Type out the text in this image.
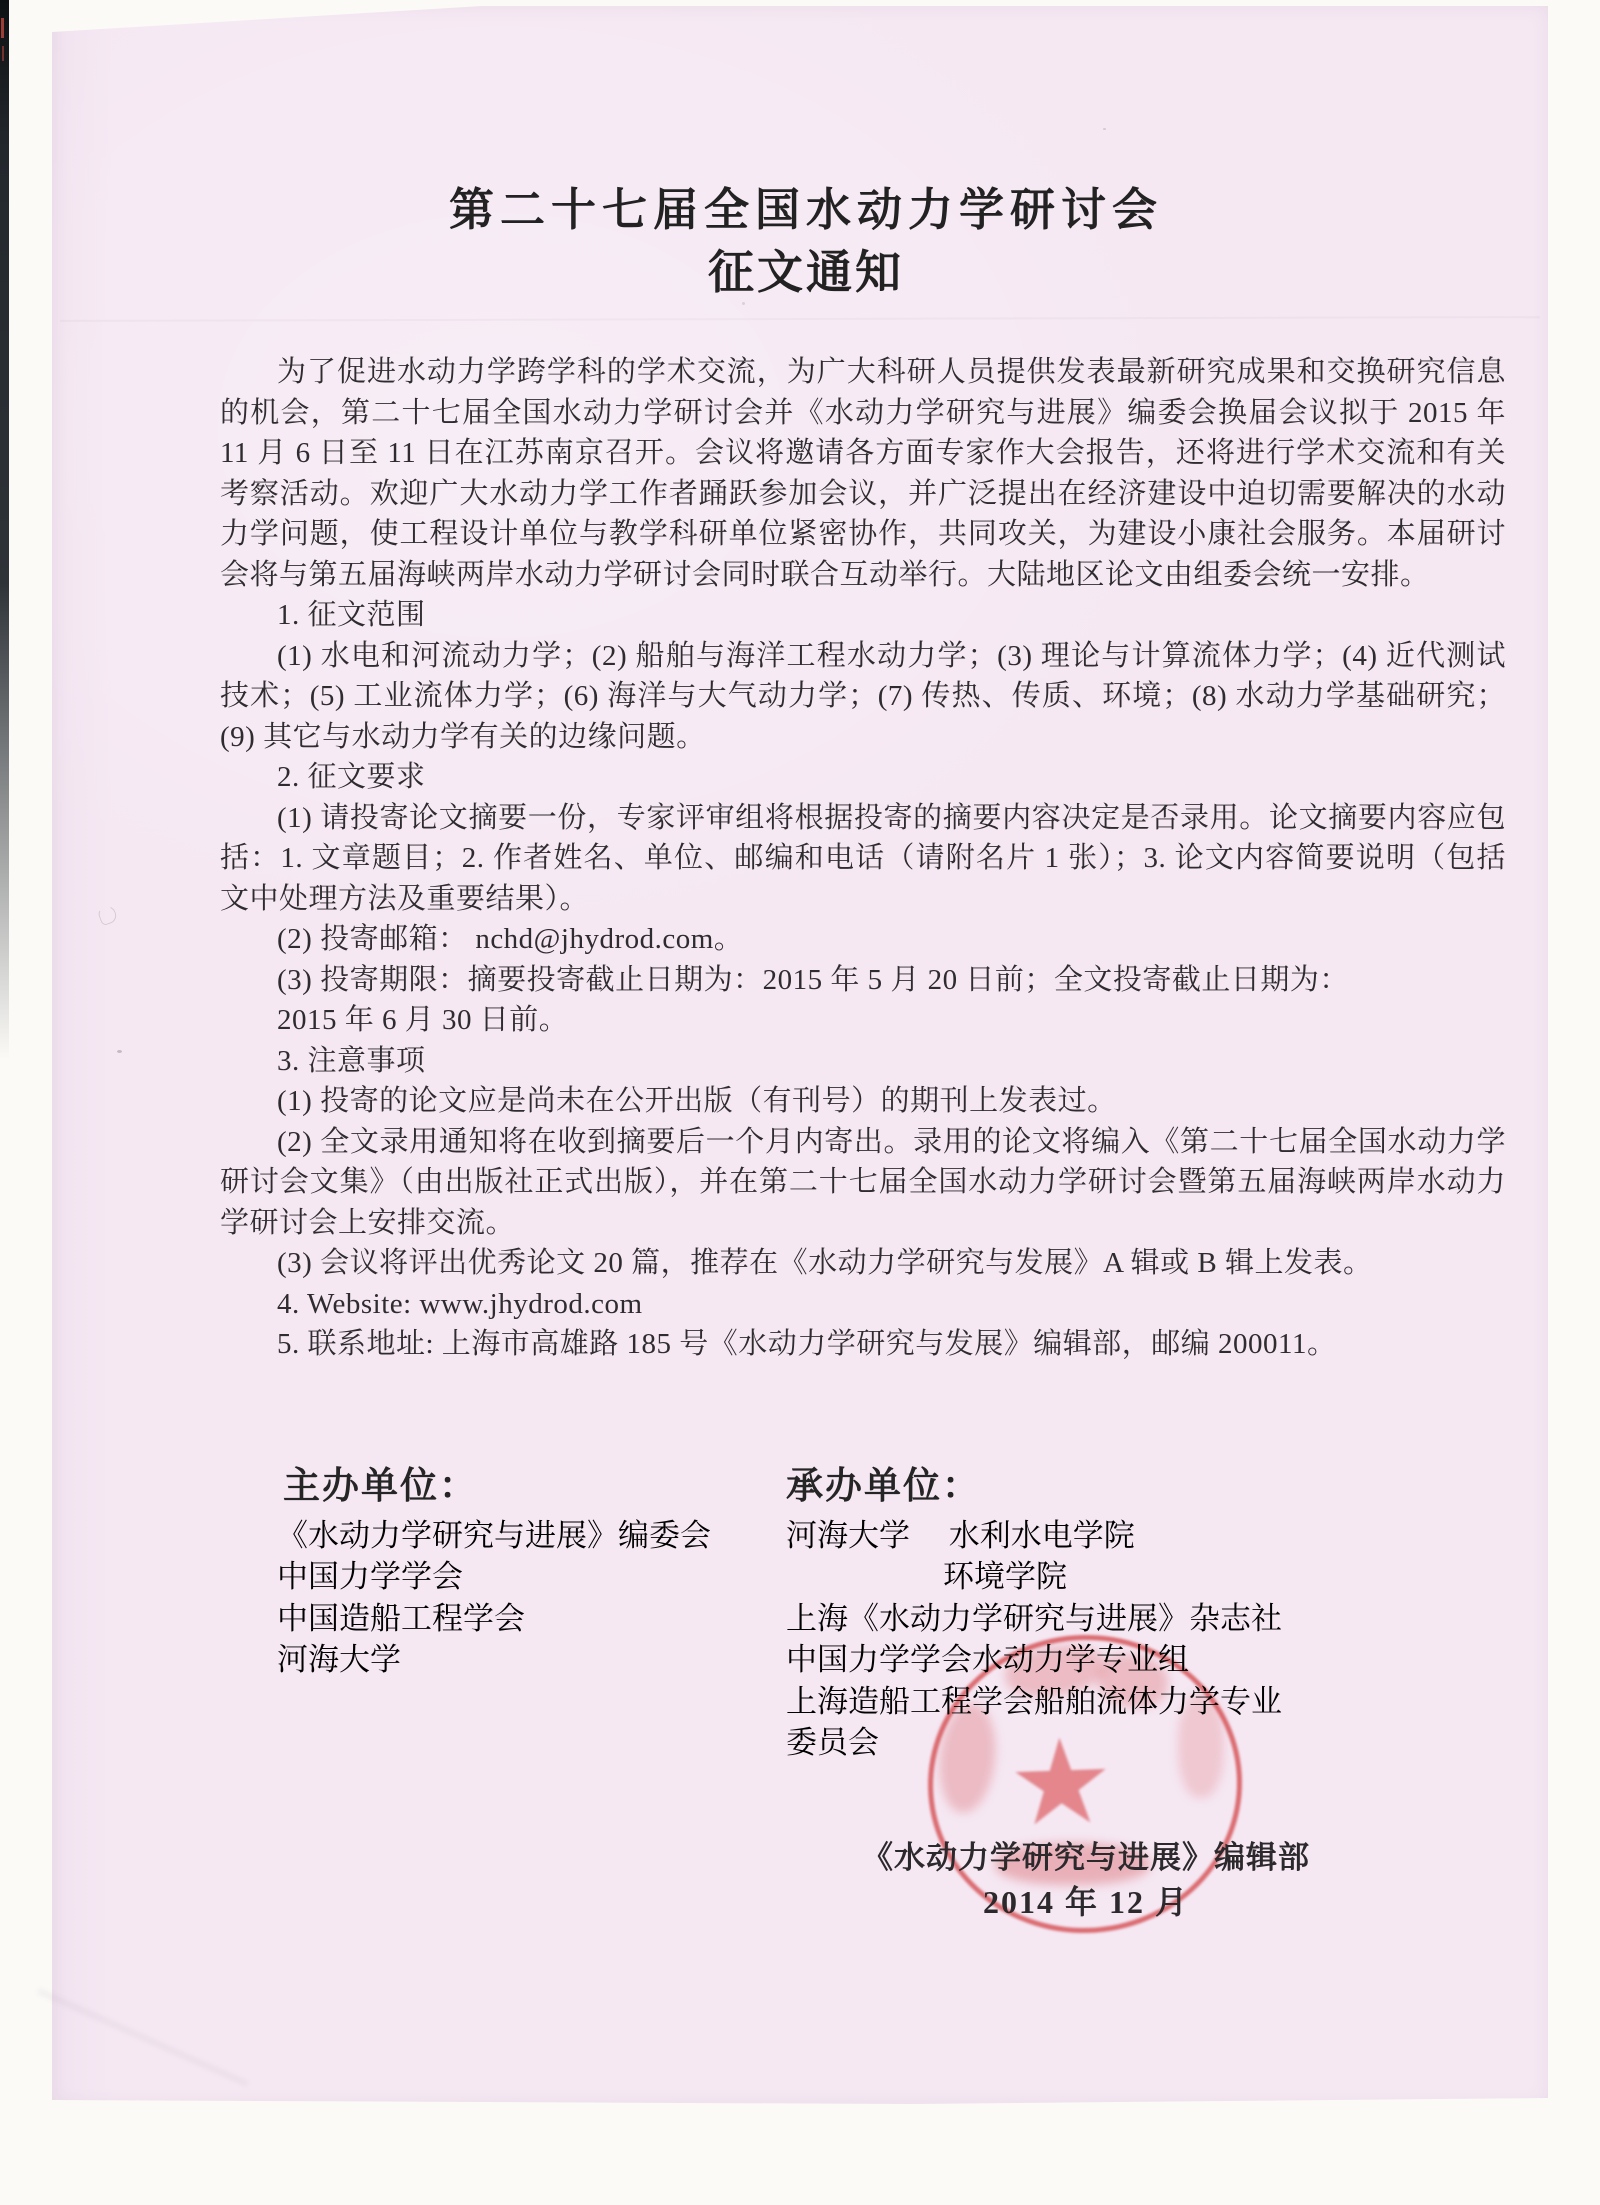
第二十七届全国水动力学研讨会
征文通知

为了促进水动力学跨学科的学术交流，为广大科研人员提供发表最新研究成果和交换研究信息的机会，第二十七届全国水动力学研讨会并《水动力学研究与进展》编委会换届会议拟于 2015 年 11 月 6 日至 11 日在江苏南京召开。会议将邀请各方面专家作大会报告，还将进行学术交流和有关考察活动。欢迎广大水动力学工作者踊跃参加会议，并广泛提出在经济建设中迫切需要解决的水动力学问题，使工程设计单位与教学科研单位紧密协作，共同攻关，为建设小康社会服务。本届研讨会将与第五届海峡两岸水动力学研讨会同时联合互动举行。大陆地区论文由组委会统一安排。

1. 征文范围

(1) 水电和河流动力学；(2) 船舶与海洋工程水动力学；(3) 理论与计算流体力学；(4) 近代测试技术；(5) 工业流体力学；(6) 海洋与大气动力学；(7) 传热、传质、环境；(8) 水动力学基础研究；(9) 其它与水动力学有关的边缘问题。

2. 征文要求

(1) 请投寄论文摘要一份，专家评审组将根据投寄的摘要内容决定是否录用。论文摘要内容应包括：1. 文章题目；2. 作者姓名、单位、邮编和电话（请附名片 1 张）；3. 论文内容简要说明（包括文中处理方法及重要结果）。

(2) 投寄邮箱： nchd@jhydrod.com。

(3) 投寄期限：摘要投寄截止日期为：2015 年 5 月 20 日前；全文投寄截止日期为：

2015 年 6 月 30 日前。

3. 注意事项

(1) 投寄的论文应是尚未在公开出版（有刊号）的期刊上发表过。

(2) 全文录用通知将在收到摘要后一个月内寄出。录用的论文将编入《第二十七届全国水动力学研讨会文集》（由出版社正式出版），并在第二十七届全国水动力学研讨会暨第五届海峡两岸水动力学研讨会上安排交流。

(3) 会议将评出优秀论文 20 篇，推荐在《水动力学研究与发展》A 辑或 B 辑上发表。

4. Website: www.jhydrod.com

5. 联系地址: 上海市高雄路 185 号《水动力学研究与发展》编辑部，邮编 200011。

主办单位：	承办单位：

《水动力学研究与进展》编委会

中国力学学会

中国造船工程学会

河海大学

河海大学　 水利水电学院

环境学院

上海《水动力学研究与进展》杂志社

中国力学学会水动力学专业组

上海造船工程学会船舶流体力学专业

委员会	★
《水动力学研究与进展》编辑部
2014 年 12 月
